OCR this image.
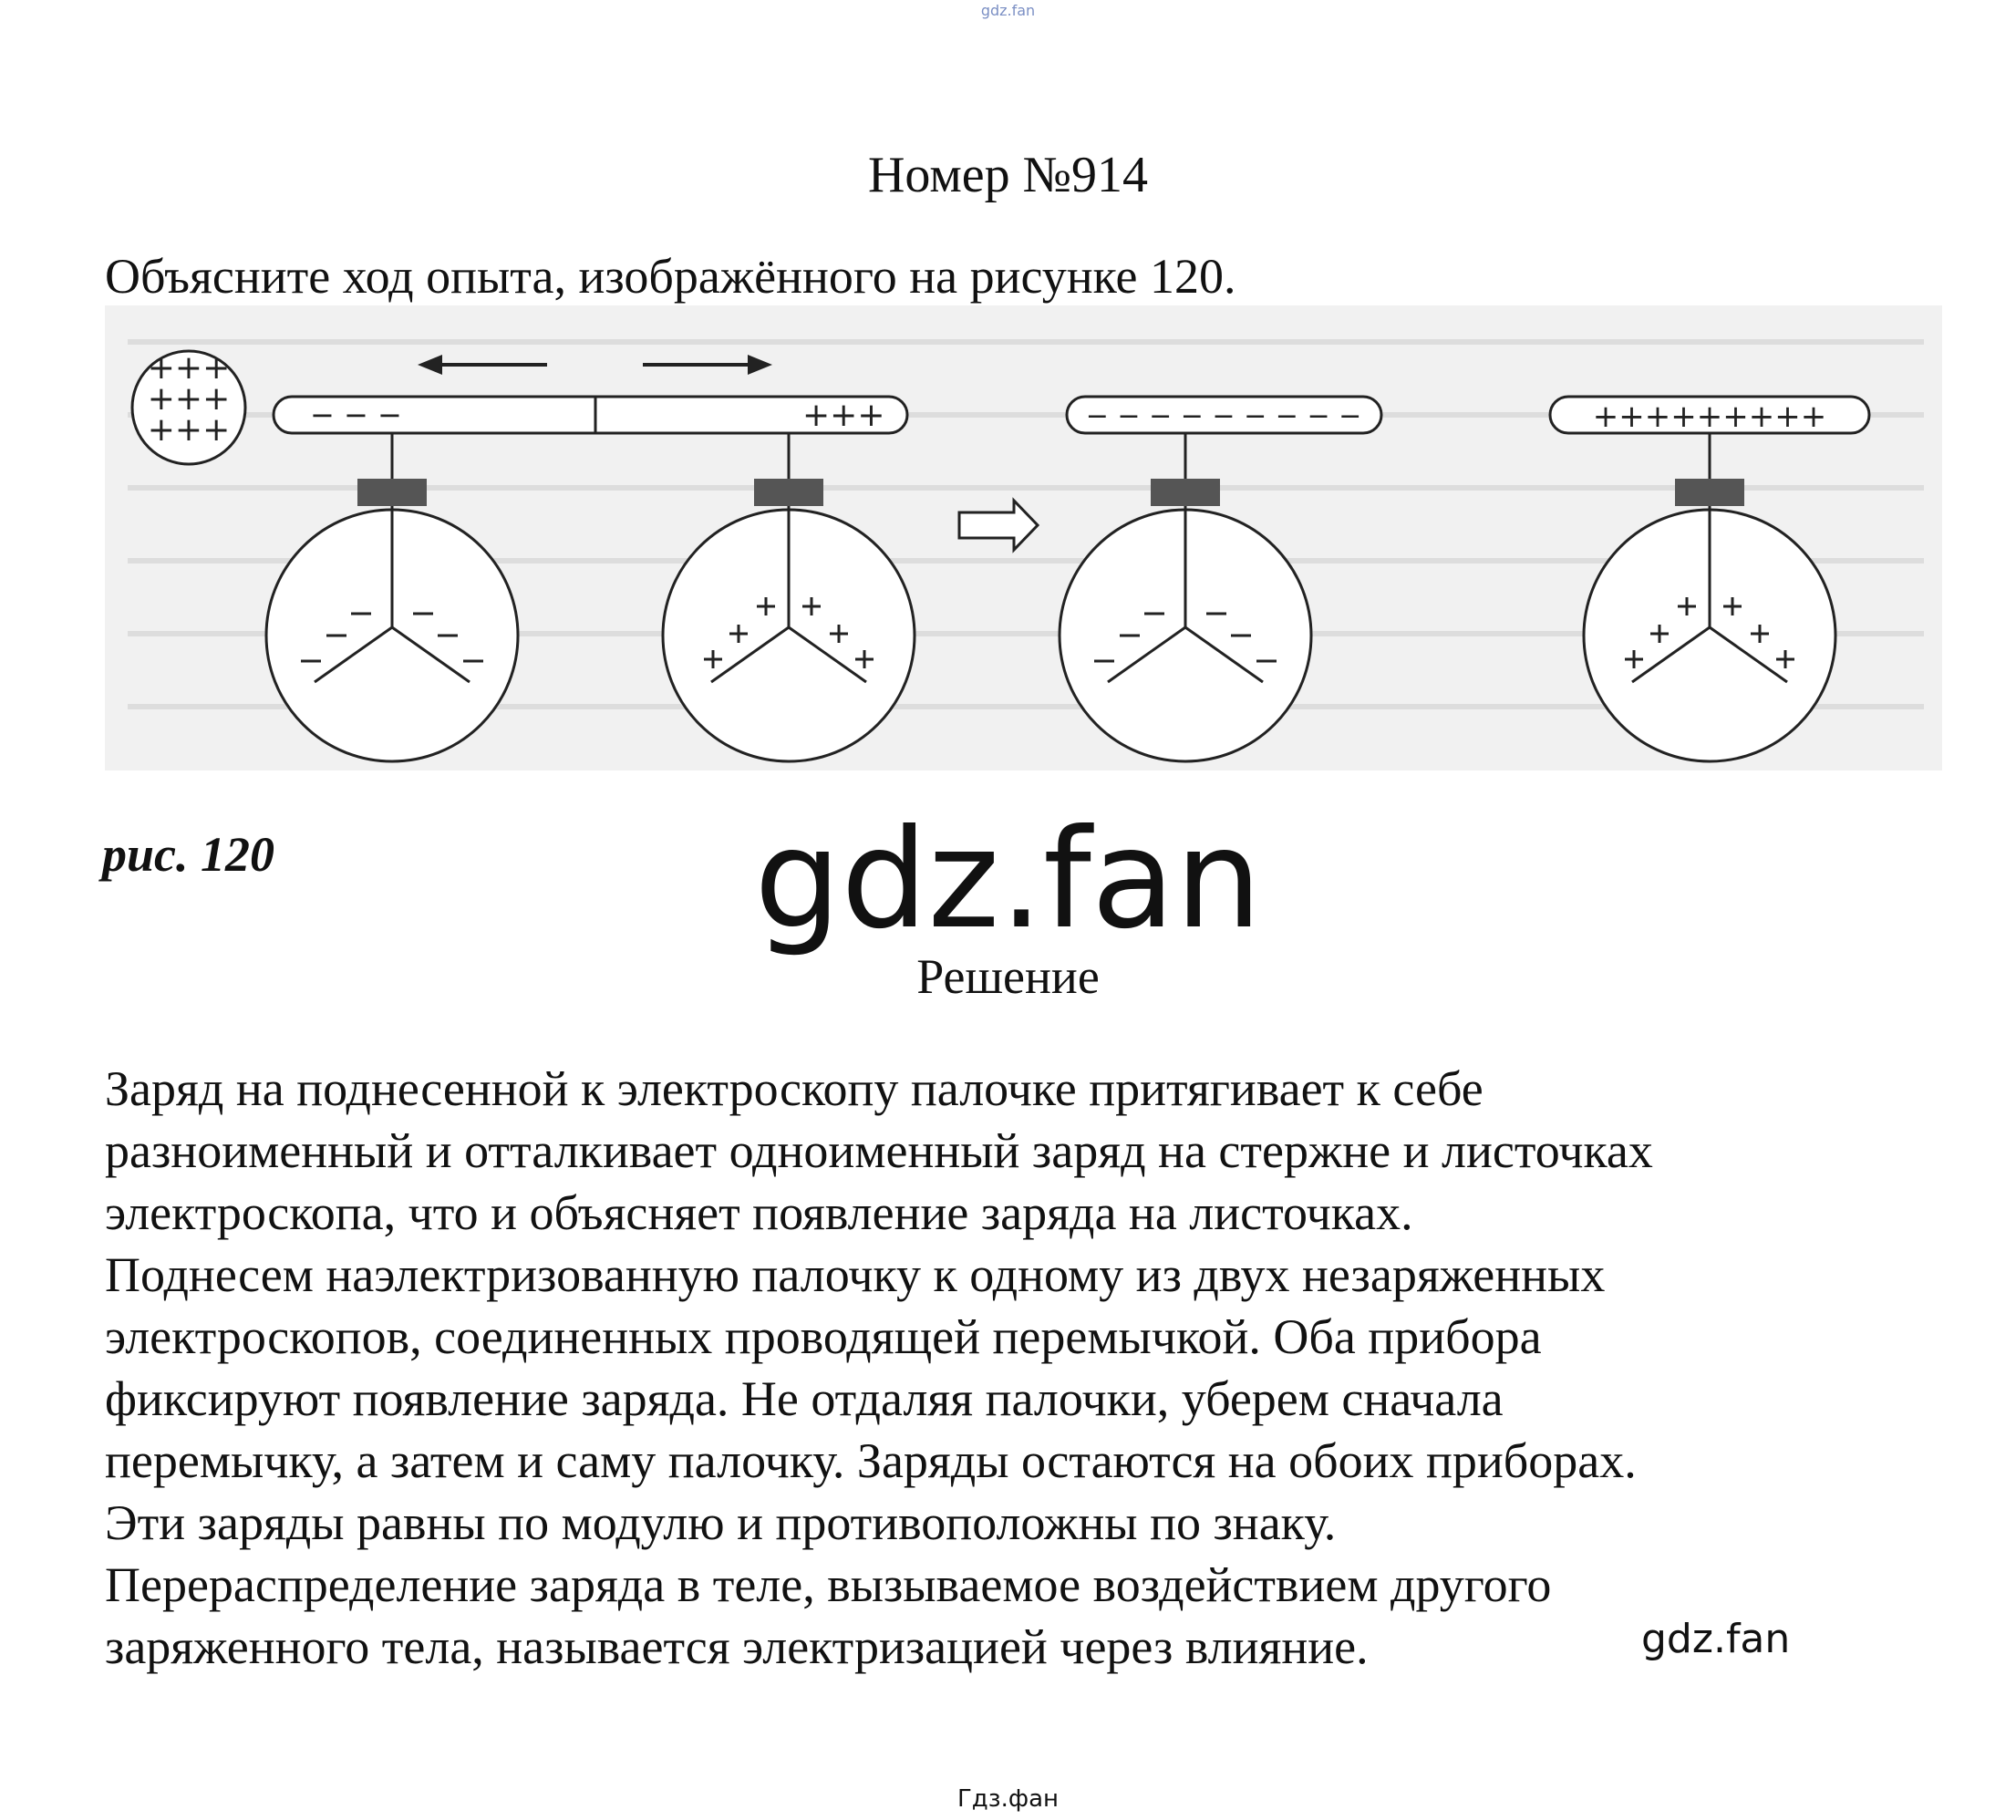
gdz.fan
Номер №914
Объясните ход опыта, изображённого на рисунке 120.
+++
+++
+++	− − −	+++	− − − − − − − − −	+++++++++
рис. 120	gdz.fan
Решение
Заряд на поднесенной к электроскопу палочке притягивает к себе
разноименный и отталкивает одноименный заряд на стержне и листочках
электроскопа, что и объясняет появление заряда на листочках.
Поднесем наэлектризованную палочку к одному из двух незаряженных
электроскопов, соединенных проводящей перемычкой. Оба прибора
фиксируют появление заряда. Не отдаляя палочки, уберем сначала
перемычку, а затем и саму палочку. Заряды остаются на обоих приборах.
Эти заряды равны по модулю и противоположны по знаку.
Перераспределение заряда в теле, вызываемое воздействием другого
заряженного тела, называется электризацией через влияние.	gdz.fan
Гдз.фан
